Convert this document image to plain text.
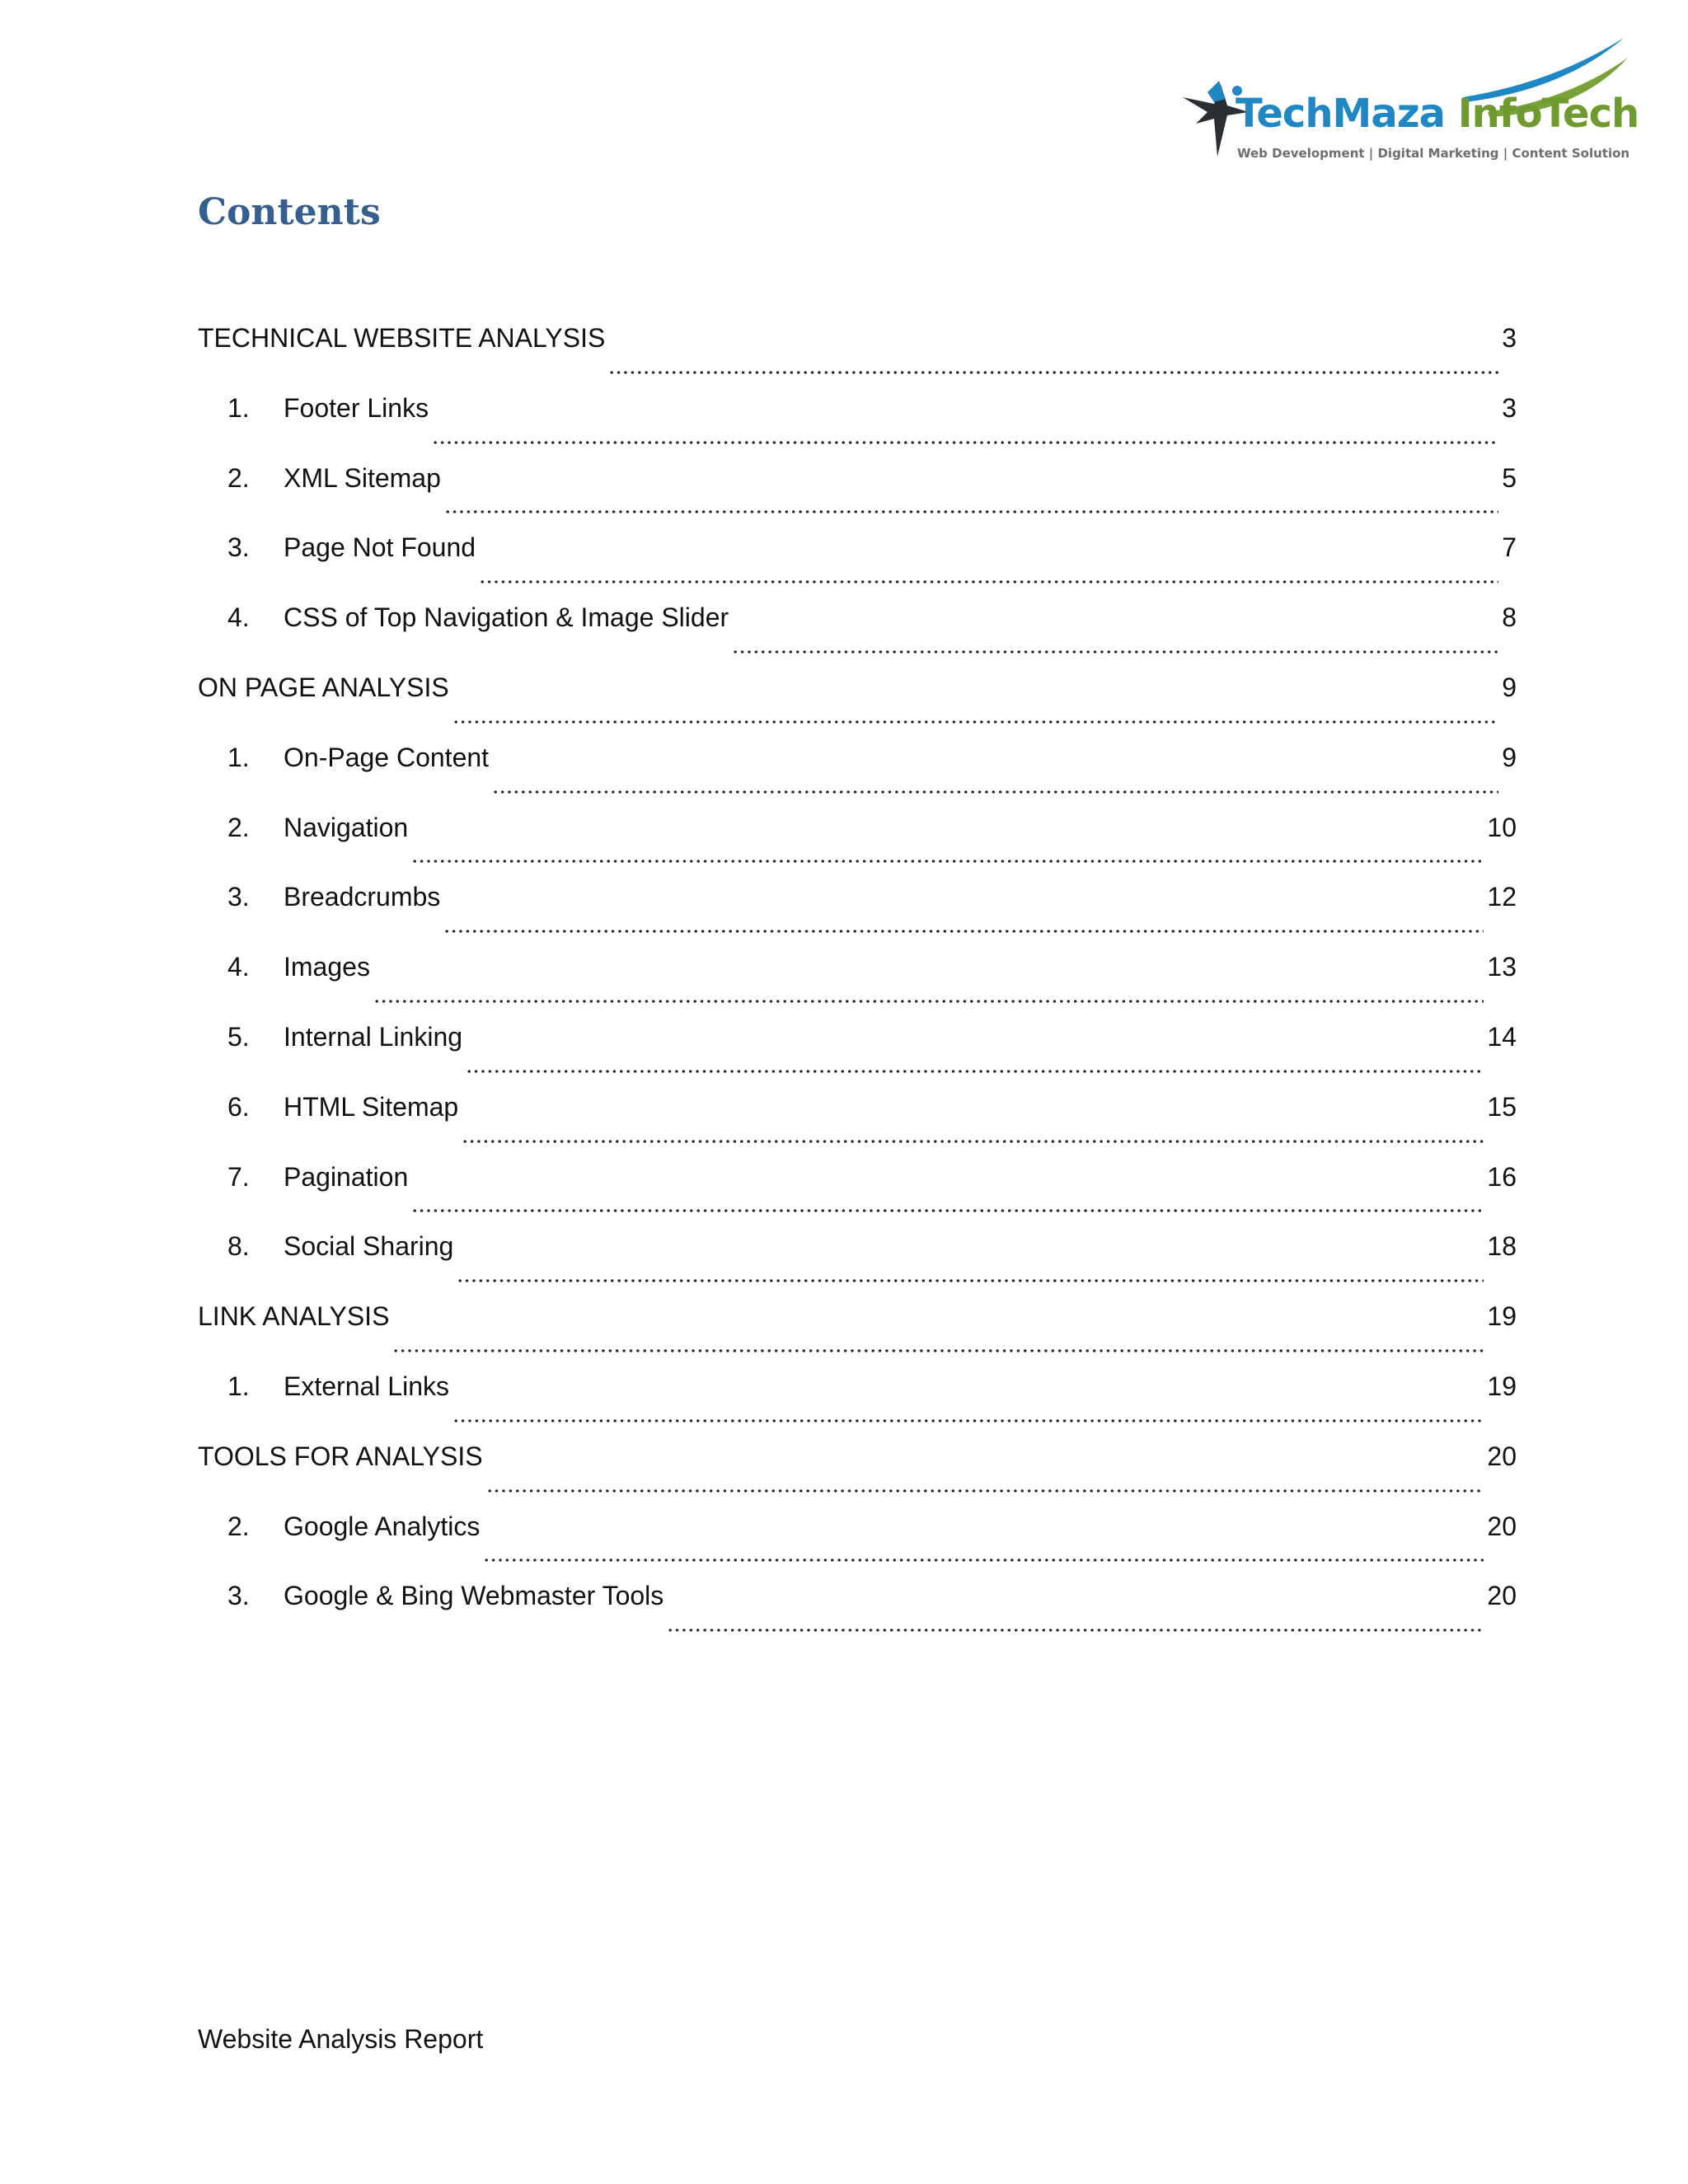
TechMaza InfoTech
Web Development | Digital Marketing | Content Solution
Contents
TECHNICAL WEBSITE ANALYSIS	3
1.	Footer Links	3
2.	XML Sitemap	5
3.	Page Not Found	7
4.	CSS of Top Navigation & Image Slider	8
ON PAGE ANALYSIS	9
1.	On-Page Content	9
2.	Navigation	10
3.	Breadcrumbs	12
4.	Images	13
5.	Internal Linking	14
6.	HTML Sitemap	15
7.	Pagination	16
8.	Social Sharing	18
LINK ANALYSIS	19
1.	External Links	19
TOOLS FOR ANALYSIS	20
2.	Google Analytics	20
3.	Google & Bing Webmaster Tools	20

Website Analysis Report
